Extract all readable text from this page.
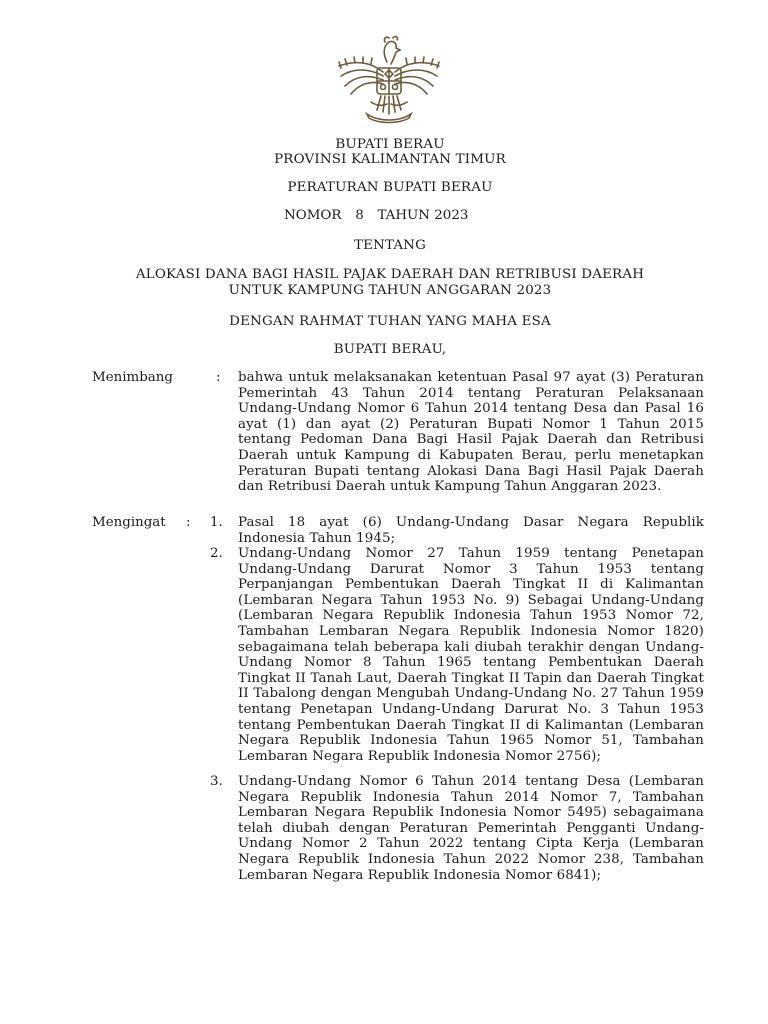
BUPATI BERAU
PROVINSI KALIMANTAN TIMUR
PERATURAN BUPATI BERAU
NOMOR 8 TAHUN 2023
TENTANG
ALOKASI DANA BAGI HASIL PAJAK DAERAH DAN RETRIBUSI DAERAH
UNTUK KAMPUNG TAHUN ANGGARAN 2023
DENGAN RAHMAT TUHAN YANG MAHA ESA
BUPATI BERAU,
Menimbang	: bahwa untuk melaksanakan ketentuan Pasal 97 ayat (3) Peraturan Pemerintah 43 Tahun 2014 tentang Peraturan Pelaksanaan Undang-Undang Nomor 6 Tahun 2014 tentang Desa dan Pasal 16 ayat (1) dan ayat (2) Peraturan Bupati Nomor 1 Tahun 2015 tentang Pedoman Dana Bagi Hasil Pajak Daerah dan Retribusi Daerah untuk Kampung di Kabupaten Berau, perlu menetapkan Peraturan Bupati tentang Alokasi Dana Bagi Hasil Pajak Daerah dan Retribusi Daerah untuk Kampung Tahun Anggaran 2023.
Mengingat : 1. Pasal 18 ayat (6) Undang-Undang Dasar Negara Republik Indonesia Tahun 1945;
2. Undang-Undang Nomor 27 Tahun 1959 tentang Penetapan Undang-Undang Darurat Nomor 3 Tahun 1953 tentang Perpanjangan Pembentukan Daerah Tingkat II di Kalimantan (Lembaran Negara Tahun 1953 No. 9) Sebagai Undang-Undang (Lembaran Negara Republik Indonesia Tahun 1953 Nomor 72, Tambahan Lembaran Negara Republik Indonesia Nomor 1820) sebagaimana telah beberapa kali diubah terakhir dengan Undang-Undang Nomor 8 Tahun 1965 tentang Pembentukan Daerah Tingkat II Tanah Laut, Daerah Tingkat II Tapin dan Daerah Tingkat II Tabalong dengan Mengubah Undang-Undang No. 27 Tahun 1959 tentang Penetapan Undang-Undang Darurat No. 3 Tahun 1953 tentang Pembentukan Daerah Tingkat II di Kalimantan (Lembaran Negara Republik Indonesia Tahun 1965 Nomor 51, Tambahan Lembaran Negara Republik Indonesia Nomor 2756);
3. Undang-Undang Nomor 6 Tahun 2014 tentang Desa (Lembaran Negara Republik Indonesia Tahun 2014 Nomor 7, Tambahan Lembaran Negara Republik Indonesia Nomor 5495) sebagaimana telah diubah dengan Peraturan Pemerintah Pengganti Undang-Undang Nomor 2 Tahun 2022 tentang Cipta Kerja (Lembaran Negara Republik Indonesia Tahun 2022 Nomor 238, Tambahan Lembaran Negara Republik Indonesia Nomor 6841);
